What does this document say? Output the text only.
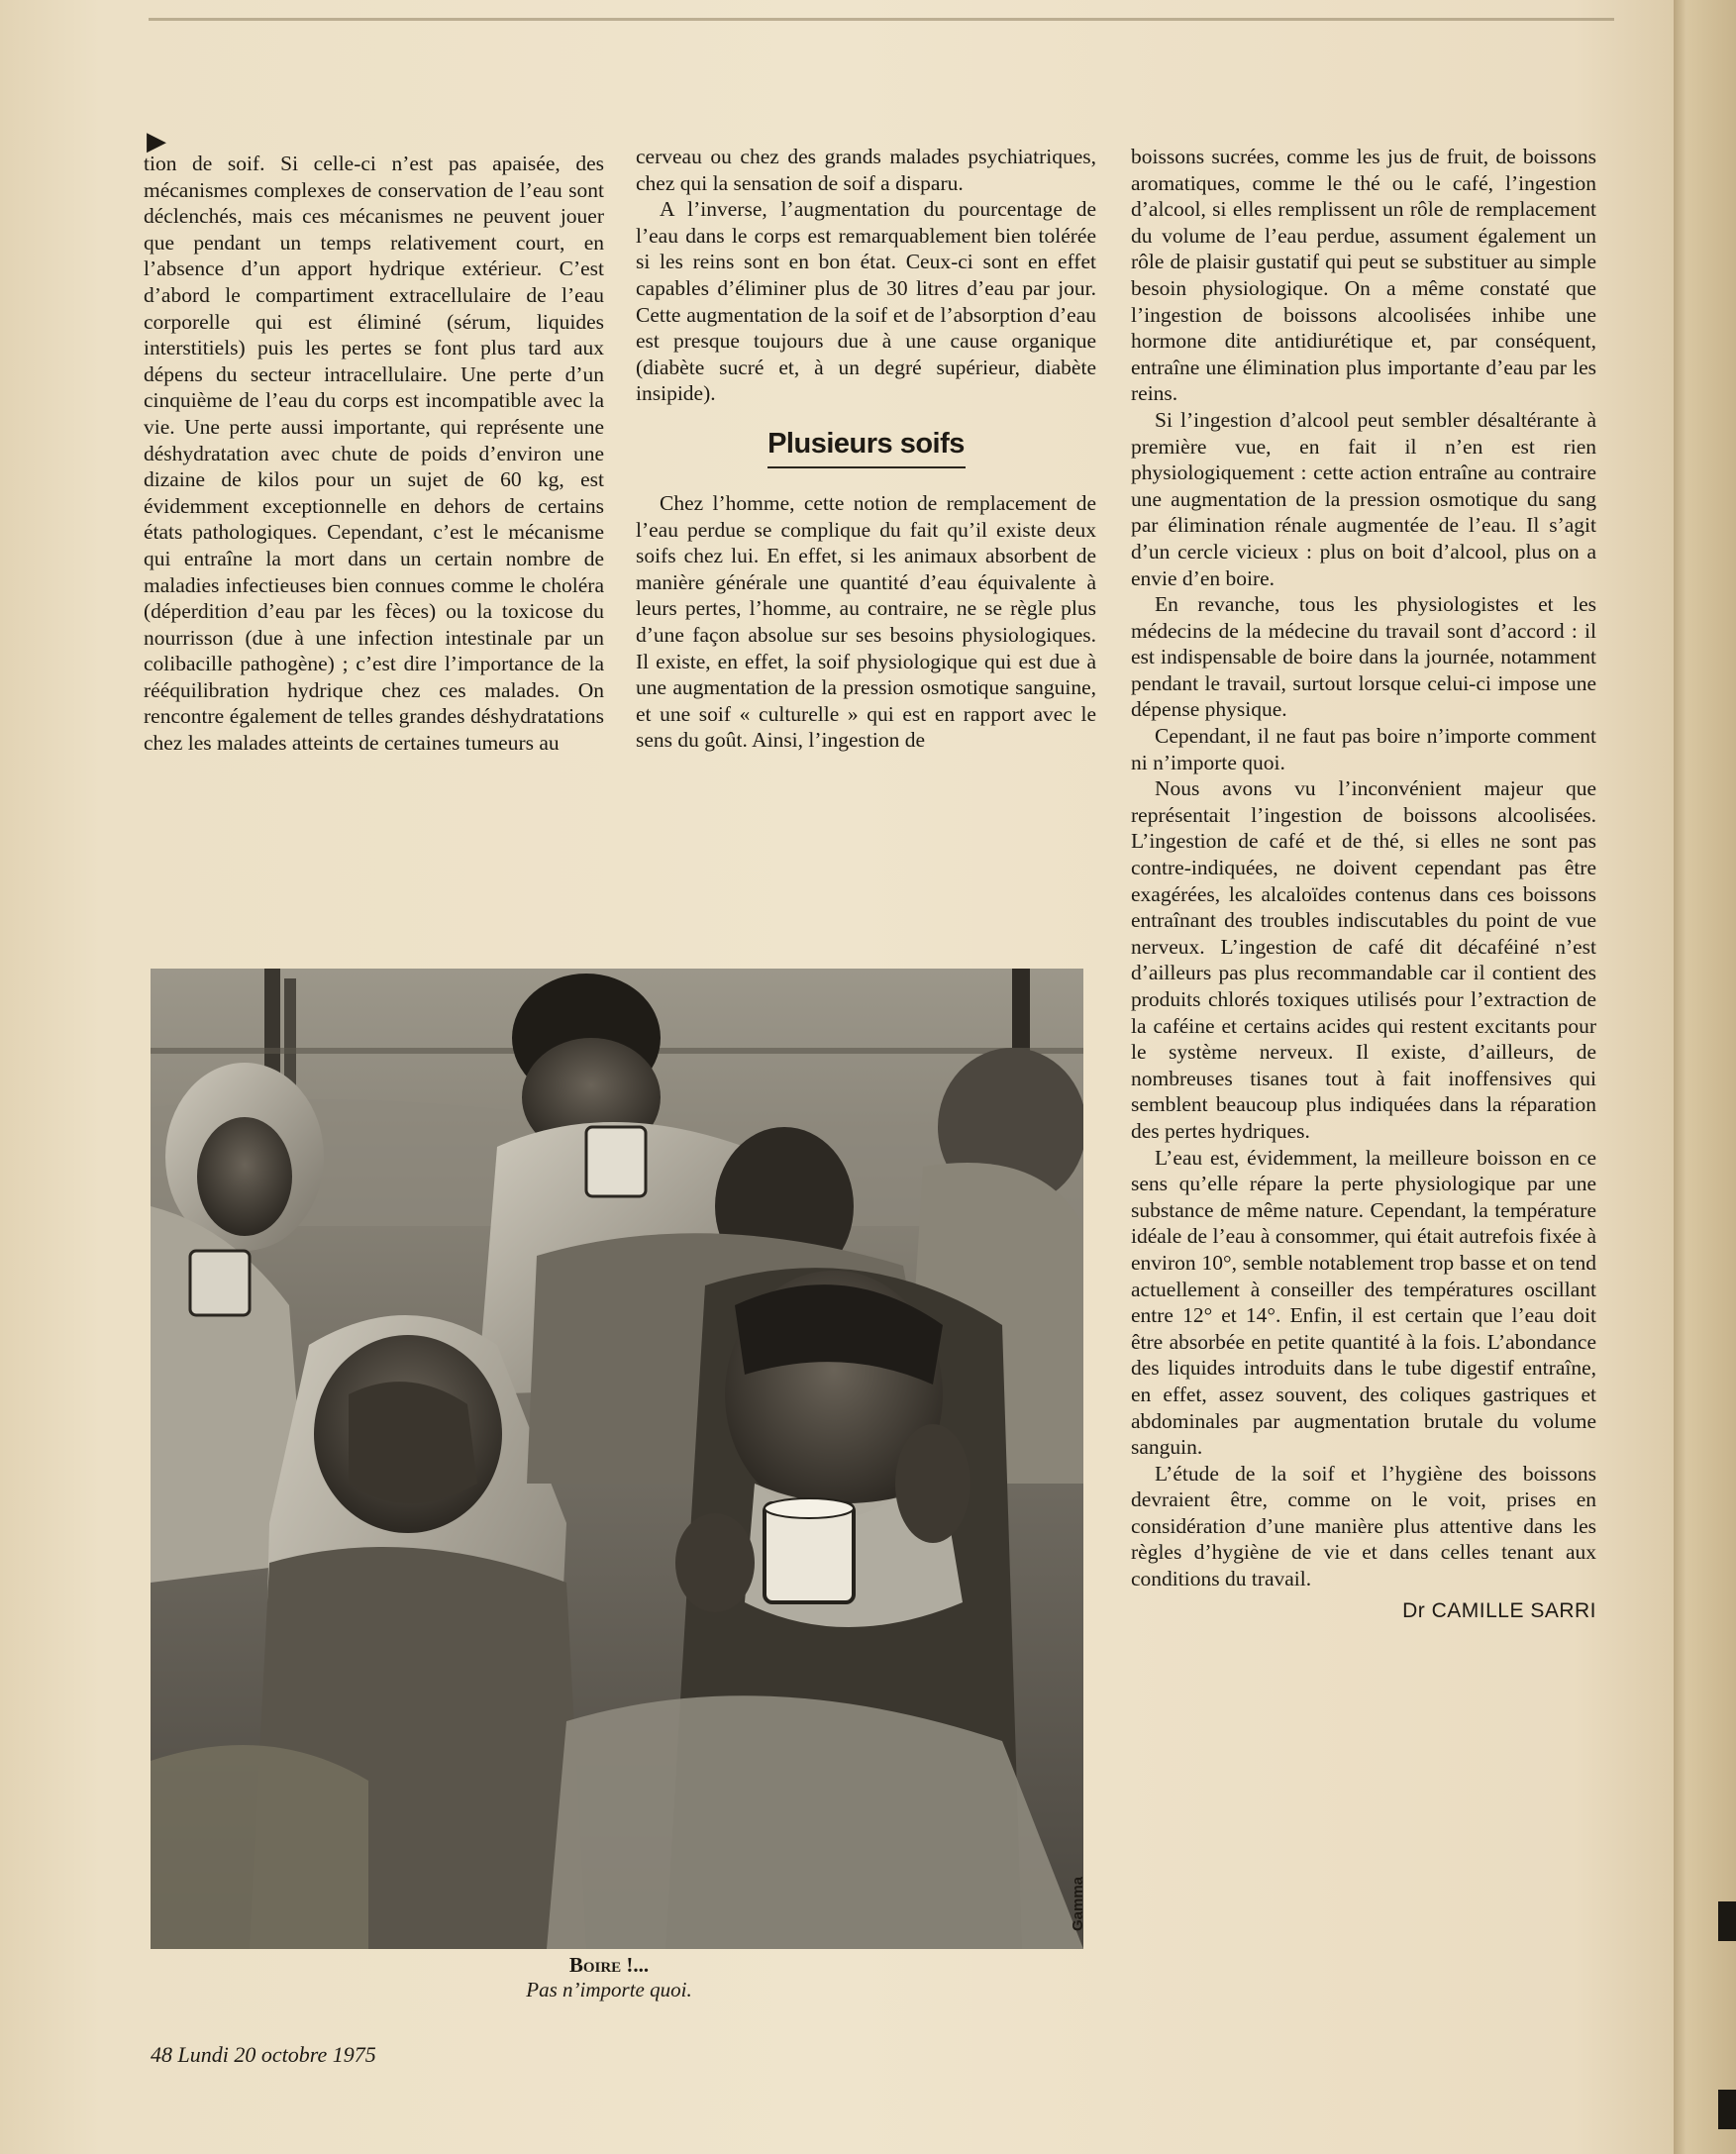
▶

tion de soif. Si celle-ci n’est pas apaisée, des mécanismes complexes de conservation de l’eau sont déclenchés, mais ces mécanismes ne peuvent jouer que pendant un temps relativement court, en l’absence d’un apport hydrique extérieur. C’est d’abord le compartiment extracellulaire de l’eau corporelle qui est éliminé (sérum, liquides interstitiels) puis les pertes se font plus tard aux dépens du secteur intracellulaire. Une perte d’un cinquième de l’eau du corps est incompatible avec la vie. Une perte aussi importante, qui représente une déshydratation avec chute de poids d’environ une dizaine de kilos pour un sujet de 60 kg, est évidemment exceptionnelle en dehors de certains états pathologiques. Cependant, c’est le mécanisme qui entraîne la mort dans un certain nombre de maladies infectieuses bien connues comme le choléra (déperdition d’eau par les fèces) ou la toxicose du nourrisson (due à une infection intestinale par un colibacille pathogène) ; c’est dire l’importance de la rééquilibration hydrique chez ces malades. On rencontre également de telles grandes déshydratations chez les malades atteints de certaines tumeurs au

cerveau ou chez des grands malades psychiatriques, chez qui la sensation de soif a disparu.

A l’inverse, l’augmentation du pourcentage de l’eau dans le corps est remarquablement bien tolérée si les reins sont en bon état. Ceux-ci sont en effet capables d’éliminer plus de 30 litres d’eau par jour. Cette augmentation de la soif et de l’absorption d’eau est presque toujours due à une cause organique (diabète sucré et, à un degré supérieur, diabète insipide).

Plusieurs soifs

Chez l’homme, cette notion de remplacement de l’eau perdue se complique du fait qu’il existe deux soifs chez lui. En effet, si les animaux absorbent de manière générale une quantité d’eau équivalente à leurs pertes, l’homme, au contraire, ne se règle plus d’une façon absolue sur ses besoins physiologiques. Il existe, en effet, la soif physiologique qui est due à une augmentation de la pression osmotique sanguine, et une soif « culturelle » qui est en rapport avec le sens du goût. Ainsi, l’ingestion de

boissons sucrées, comme les jus de fruit, de boissons aromatiques, comme le thé ou le café, l’ingestion d’alcool, si elles remplissent un rôle de remplacement du volume de l’eau perdue, assument également un rôle de plaisir gustatif qui peut se substituer au simple besoin physiologique. On a même constaté que l’ingestion de boissons alcoolisées inhibe une hormone dite antidiurétique et, par conséquent, entraîne une élimination plus importante d’eau par les reins.

Si l’ingestion d’alcool peut sembler désaltérante à première vue, en fait il n’en est rien physiologiquement : cette action entraîne au contraire une augmentation de la pression osmotique du sang par élimination rénale augmentée de l’eau. Il s’agit d’un cercle vicieux : plus on boit d’alcool, plus on a envie d’en boire.

En revanche, tous les physiologistes et les médecins de la médecine du travail sont d’accord : il est indispensable de boire dans la journée, notamment pendant le travail, surtout lorsque celui-ci impose une dépense physique.

Cependant, il ne faut pas boire n’importe comment ni n’importe quoi.

Nous avons vu l’inconvénient majeur que représentait l’ingestion de boissons alcoolisées. L’ingestion de café et de thé, si elles ne sont pas contre-indiquées, ne doivent cependant pas être exagérées, les alcaloïdes contenus dans ces boissons entraînant des troubles indiscutables du point de vue nerveux. L’ingestion de café dit décaféiné n’est d’ailleurs pas plus recommandable car il contient des produits chlorés toxiques utilisés pour l’extraction de la caféine et certains acides qui restent excitants pour le système nerveux. Il existe, d’ailleurs, de nombreuses tisanes tout à fait inoffensives qui semblent beaucoup plus indiquées dans la réparation des pertes hydriques.

L’eau est, évidemment, la meilleure boisson en ce sens qu’elle répare la perte physiologique par une substance de même nature. Cependant, la température idéale de l’eau à consommer, qui était autrefois fixée à environ 10°, semble notablement trop basse et on tend actuellement à conseiller des températures oscillant entre 12° et 14°. Enfin, il est certain que l’eau doit être absorbée en petite quantité à la fois. L’abondance des liquides introduits dans le tube digestif entraîne, en effet, assez souvent, des coliques gastriques et abdominales par augmentation brutale du volume sanguin.

L’étude de la soif et l’hygiène des boissons devraient être, comme on le voit, prises en considération d’une manière plus attentive dans les règles d’hygiène de vie et dans celles tenant aux conditions du travail.

Dr CAMILLE SARRI
Gamma
Boire !...
Pas n’importe quoi.
48 Lundi 20 octobre 1975
